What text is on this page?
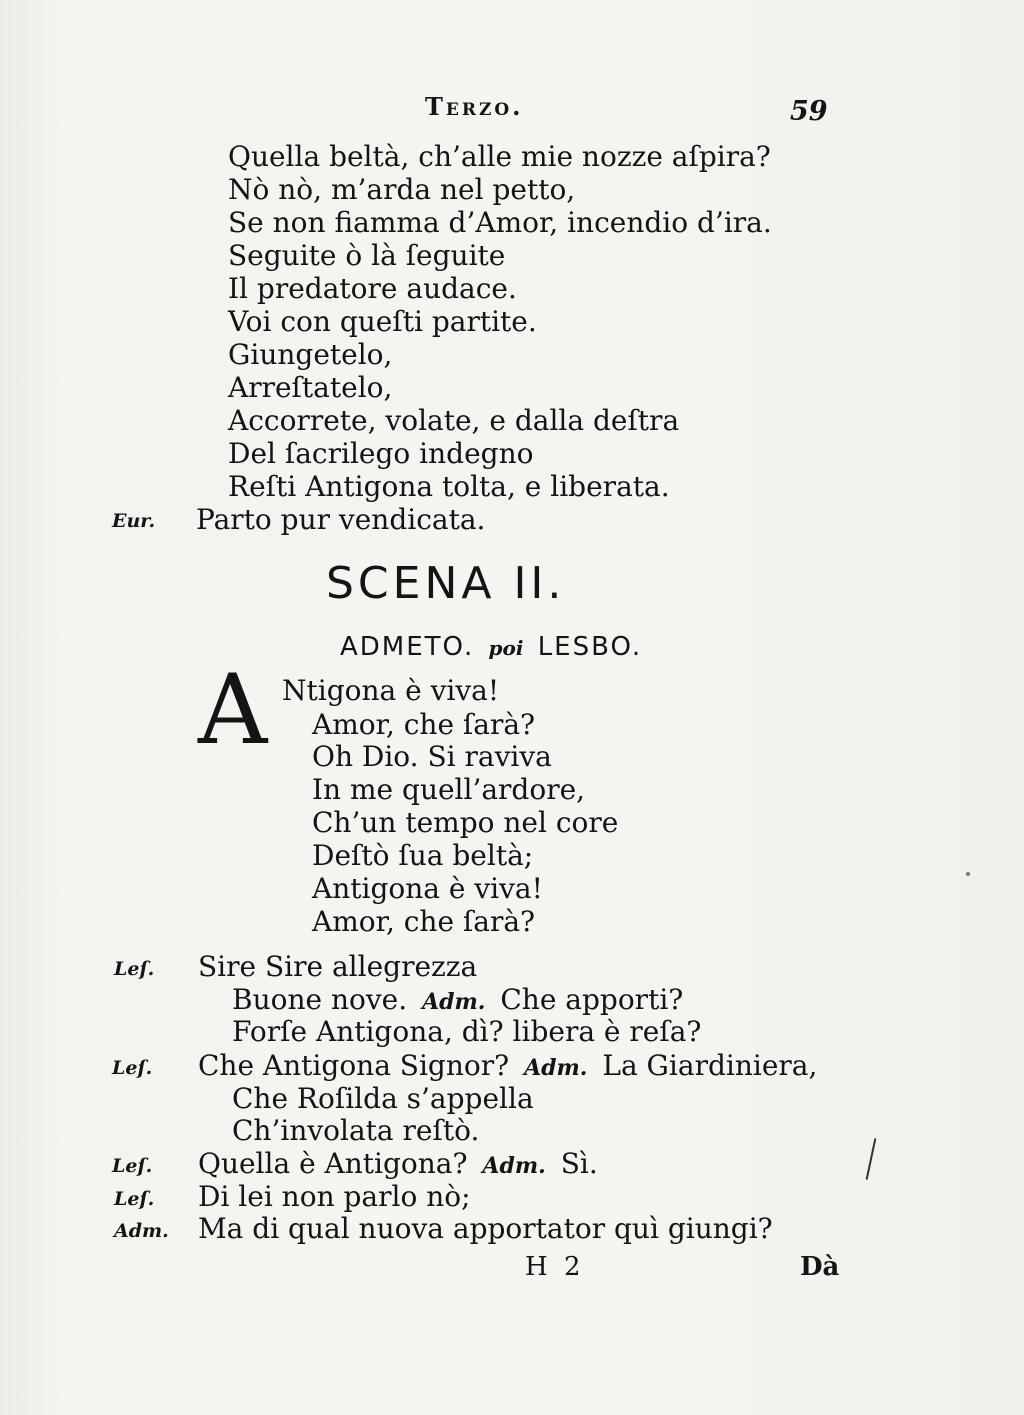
Terzo.	59
Quella beltà, ch’alle mie nozze aſpira?
Nò nò, m’arda nel petto,
Se non fiamma d’Amor, incendio d’ira.
Seguite ò là ſeguite
Il predatore audace.
Voi con queſti partite.
Giungetelo,
Arreſtatelo,
Accorrete, volate, e dalla deſtra
Del ſacrilego indegno
Reſti Antigona tolta, e liberata.
Eur. Parto pur vendicata.
SCENA II.
ADMETO. poi LESBO.
A Ntigona è viva!
Amor, che ſarà?
Oh Dio. Si raviva
In me quell’ardore,
Ch’un tempo nel core
Deſtò ſua beltà;
Antigona è viva!
Amor, che ſarà?
Leſ. Sire Sire allegrezza
Buone nove. Adm. Che apporti?
Forſe Antigona, dì? libera è reſa?
Leſ. Che Antigona Signor? Adm. La Giardiniera,
Che Roſilda s’appella
Ch’involata reſtò.
Leſ. Quella è Antigona? Adm. Sì.
Leſ. Di lei non parlo nò;
Adm. Ma di qual nuova apportator quì giungi?
H 2	Dà
